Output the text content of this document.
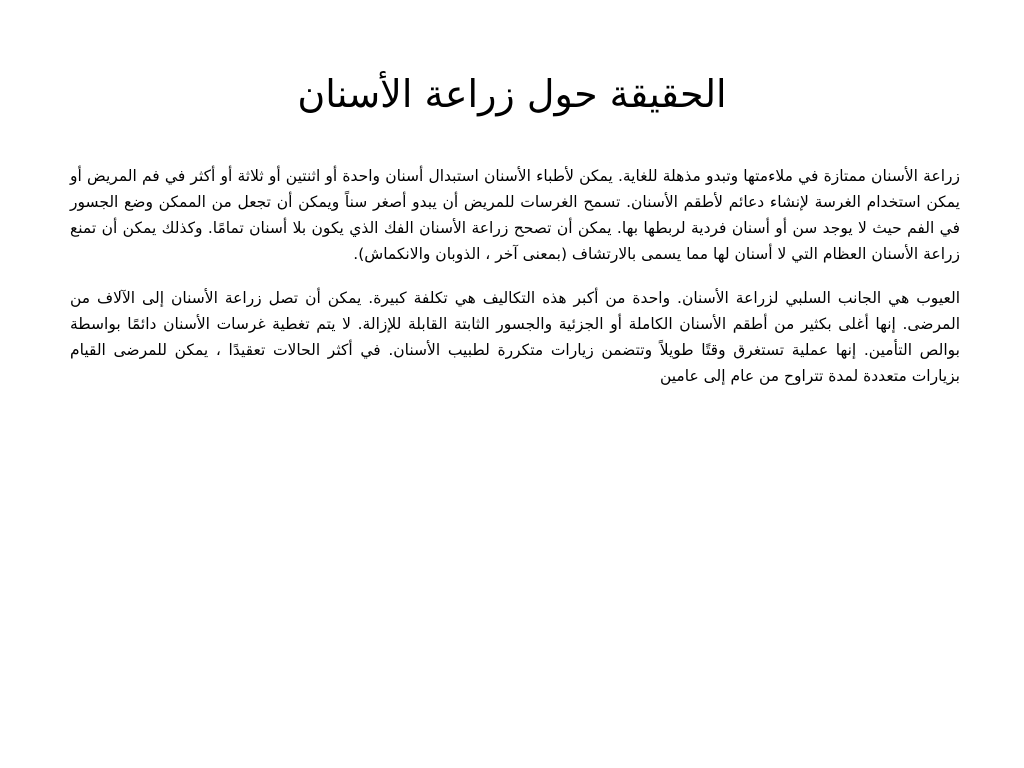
الحقيقة حول زراعة الأسنان

زراعة الأسنان ممتازة في ملاءمتها وتبدو مذهلة للغاية. يمكن لأطباء الأسنان استبدال أسنان واحدة أو اثنتين أو ثلاثة أو أكثر في فم المريض أو يمكن استخدام الغرسة لإنشاء دعائم لأطقم الأسنان. تسمح الغرسات للمريض أن يبدو أصغر سناً ويمكن أن تجعل من الممكن وضع الجسور في الفم حيث لا يوجد سن أو أسنان فردية لربطها بها. يمكن أن تصحح زراعة الأسنان الفك الذي يكون بلا أسنان تمامًا. وكذلك يمكن أن تمنع زراعة الأسنان العظام التي لا أسنان لها مما يسمى بالارتشاف (بمعنى آخر ، الذوبان والانكماش).

العيوب هي الجانب السلبي لزراعة الأسنان. واحدة من أكبر هذه التكاليف هي تكلفة كبيرة. يمكن أن تصل زراعة الأسنان إلى الآلاف من المرضى. إنها أغلى بكثير من أطقم الأسنان الكاملة أو الجزئية والجسور الثابتة القابلة للإزالة. لا يتم تغطية غرسات الأسنان دائمًا بواسطة بوالص التأمين. إنها عملية تستغرق وقتًا طويلاً وتتضمن زيارات متكررة لطبيب الأسنان. في أكثر الحالات تعقيدًا ، يمكن للمرضى القيام بزيارات متعددة لمدة تتراوح من عام إلى عامين
